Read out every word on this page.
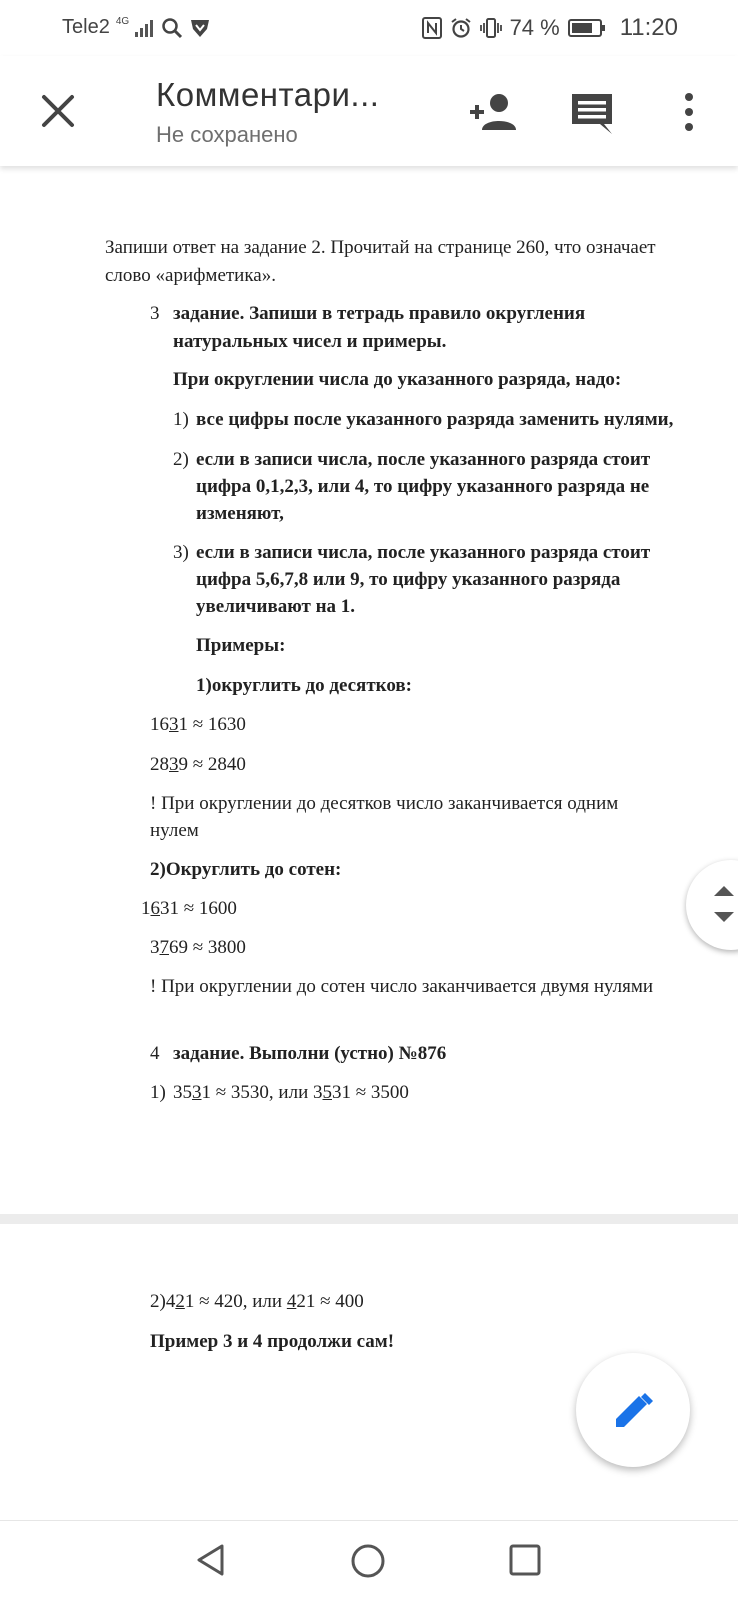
Tele2 4G	74 %	11:20
Комментари...
Не сохранено
Запиши ответ на задание 2. Прочитай на странице 260, что означает
слово «арифметика».
3 задание. Запиши в тетрадь правило округления
натуральных чисел и примеры.
При округлении числа до указанного разряда, надо:
1) все цифры после указанного разряда заменить нулями,
2) если в записи числа, после указанного разряда стоит
цифра 0,1,2,3, или 4, то цифру указанного разряда не
изменяют,
3) если в записи числа, после указанного разряда стоит
цифра 5,6,7,8 или 9, то цифру указанного разряда
увеличивают на 1.
Примеры:
1)округлить до десятков:
1631 ≈ 1630
2839 ≈ 2840
! При округлении до десятков число заканчивается одним
нулем
2)Округлить до сотен:
1631 ≈ 1600
3769 ≈ 3800
! При округлении до сотен число заканчивается двумя нулями
4 задание. Выполни (устно) №876
1) 3531 ≈ 3530, или 3531 ≈ 3500
2)421 ≈ 420, или 421 ≈ 400
Пример 3 и 4 продолжи сам!
